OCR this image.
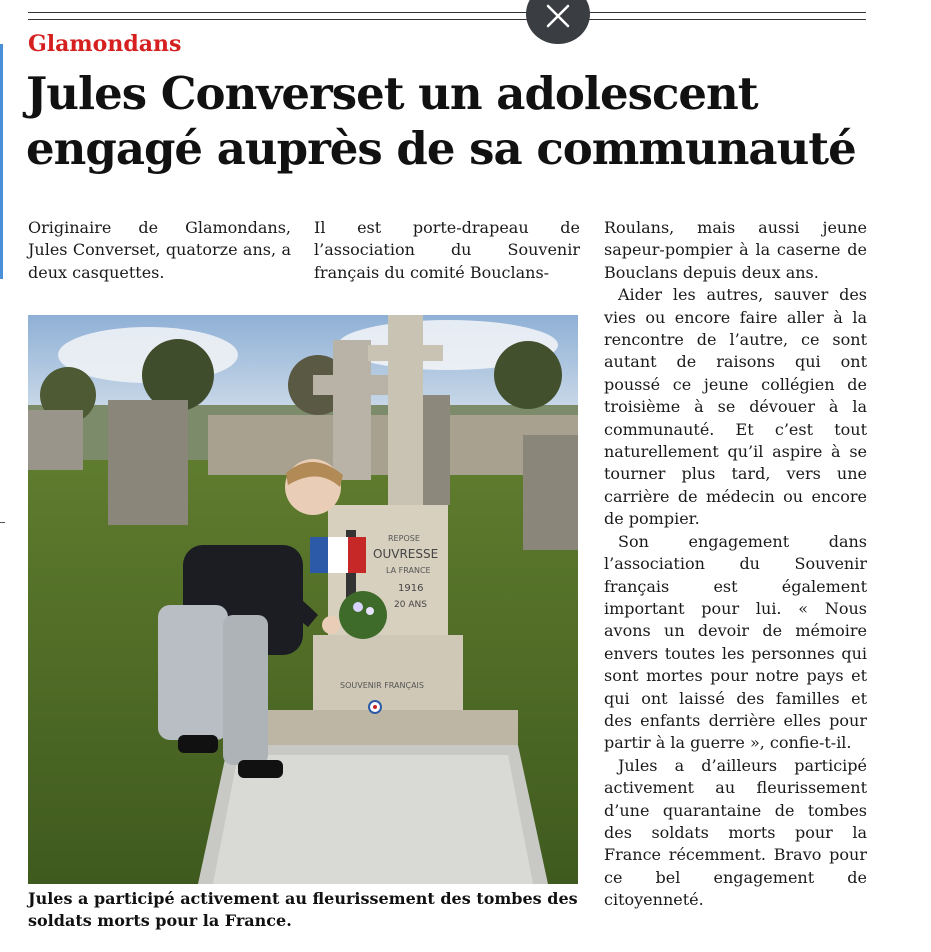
Glamondans
Jules Converset un adolescent engagé auprès de sa communauté

Originaire de Glamondans, Jules Converset, quatorze ans, a deux casquettes.

Il est porte-drapeau de l’association du Souvenir français du comité Bouclans-

Roulans, mais aussi jeune sapeur-pompier à la caserne de Bouclans depuis deux ans.

Aider les autres, sauver des vies ou encore faire aller à la rencontre de l’autre, ce sont autant de raisons qui ont poussé ce jeune collégien de troisième à se dévouer à la communauté. Et c’est tout naturellement qu’il aspire à se tourner plus tard, vers une carrière de médecin ou encore de pompier.

Son engagement dans l’association du Souvenir français est également important pour lui. « Nous avons un devoir de mémoire envers toutes les personnes qui sont mortes pour notre pays et qui ont laissé des familles et des enfants derrière elles pour partir à la guerre », confie-t-il.

Jules a d’ailleurs participé activement au fleurissement d’une quarantaine de tombes des soldats morts pour la France récemment. Bravo pour ce bel engagement de citoyenneté.

REPOSE
OUVRESSE
LA FRANCE
1916
20 ANS
SOUVENIR FRANÇAIS
Jules a participé activement au fleurissement des tombes des soldats morts pour la France.
